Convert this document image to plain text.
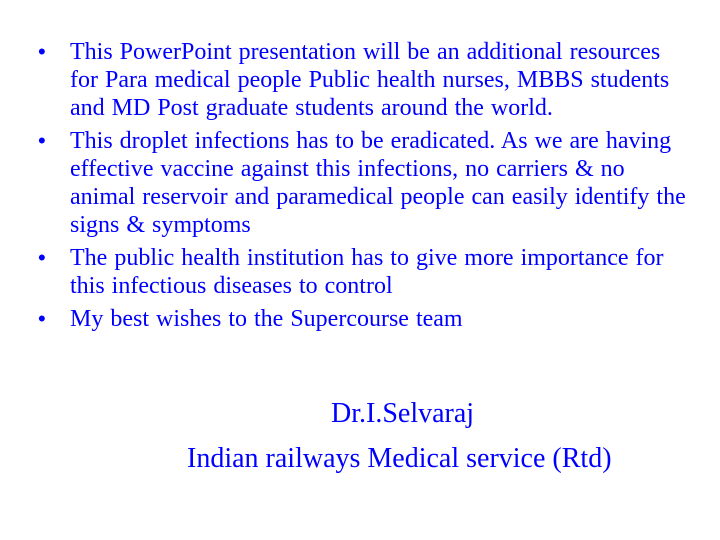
• This PowerPoint presentation will be an additional resources for Para medical people Public health nurses, MBBS students and MD Post graduate students around the world.
• This droplet infections has to be eradicated. As we are having effective vaccine against this infections, no carriers & no animal reservoir and paramedical people can easily identify the signs & symptoms
• The public health institution has to give more importance for this infectious diseases to control
• My best wishes to the Supercourse team
Dr.I.Selvaraj
Indian railways Medical service (Rtd)
